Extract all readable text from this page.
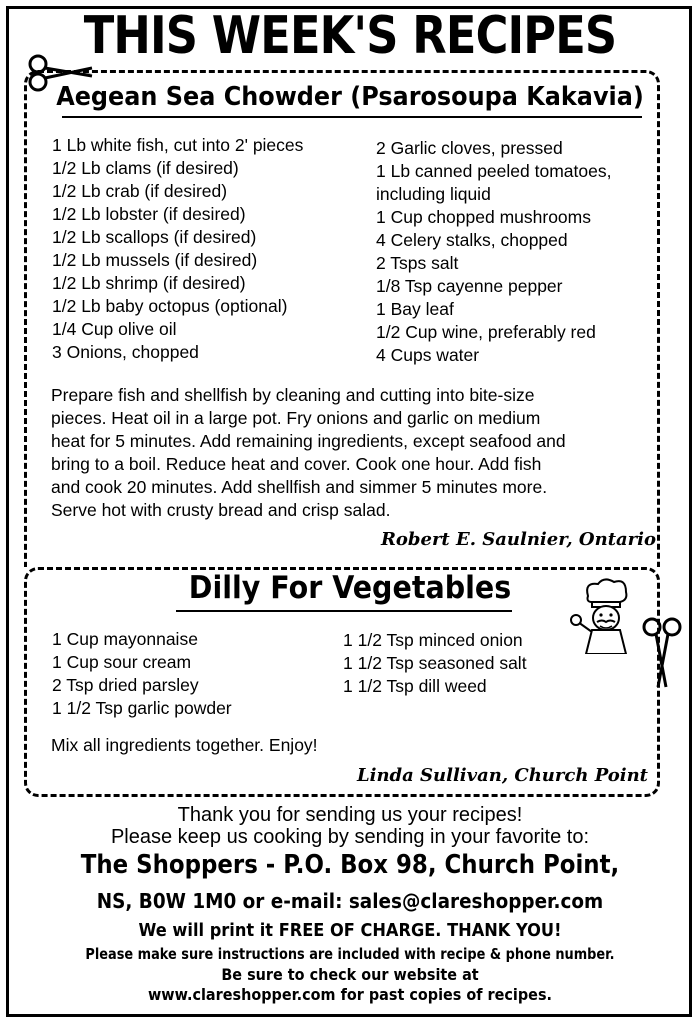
THIS WEEK'S RECIPES
Aegean Sea Chowder (Psarosoupa Kakavia)
1 Lb white fish, cut into 2' pieces
1/2 Lb clams (if desired)
1/2 Lb crab (if desired)
1/2 Lb lobster (if desired)
1/2 Lb scallops (if desired)
1/2 Lb mussels (if desired)
1/2 Lb shrimp (if desired)
1/2 Lb baby octopus (optional)
1/4 Cup olive oil
3 Onions, chopped
2 Garlic cloves, pressed
1 Lb canned peeled tomatoes,
including liquid
1 Cup chopped mushrooms
4 Celery stalks, chopped
2 Tsps salt
1/8 Tsp cayenne pepper
1 Bay leaf
1/2 Cup wine, preferably red
4 Cups water
Prepare fish and shellfish by cleaning and cutting into bite-size
pieces. Heat oil in a large pot. Fry onions and garlic on medium
heat for 5 minutes. Add remaining ingredients, except seafood and
bring to a boil. Reduce heat and cover. Cook one hour. Add fish
and cook 20 minutes. Add shellfish and simmer 5 minutes more.
Serve hot with crusty bread and crisp salad.
Robert E. Saulnier, Ontario
Dilly For Vegetables
1 Cup mayonnaise
1 Cup sour cream
2 Tsp dried parsley
1 1/2 Tsp garlic powder
1 1/2 Tsp minced onion
1 1/2 Tsp seasoned salt
1 1/2 Tsp dill weed
Mix all ingredients together. Enjoy!
Linda Sullivan, Church Point
Thank you for sending us your recipes!
Please keep us cooking by sending in your favorite to:
The Shoppers - P.O. Box 98, Church Point,
NS, B0W 1M0 or e-mail: sales@clareshopper.com
We will print it FREE OF CHARGE. THANK YOU!
Please make sure instructions are included with recipe & phone number.
Be sure to check our website at
www.clareshopper.com for past copies of recipes.
